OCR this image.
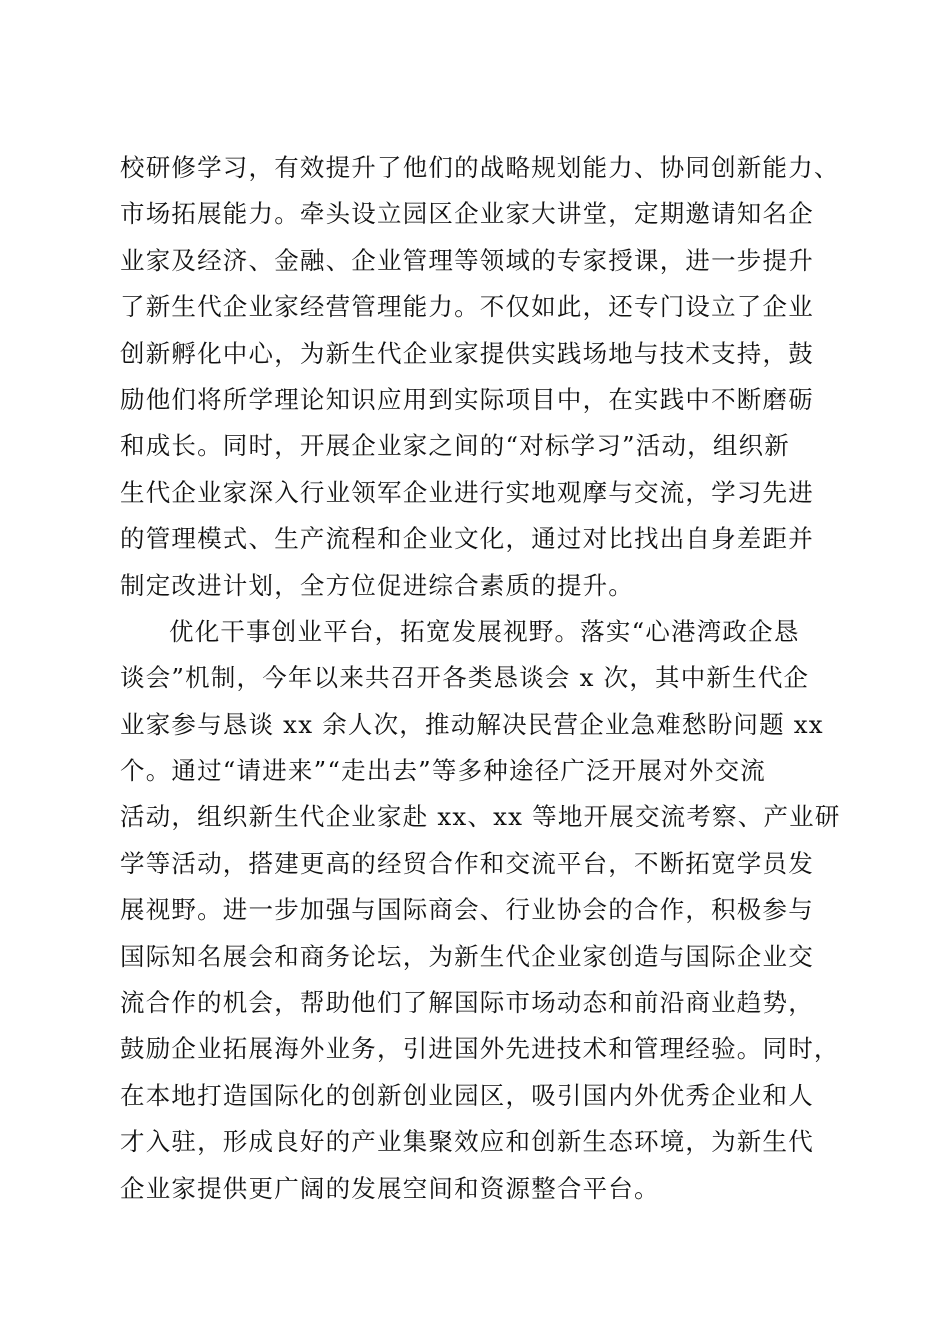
校研修学习，有效提升了他们的战略规划能力、协同创新能力、
市场拓展能力。牵头设立园区企业家大讲堂，定期邀请知名企
业家及经济、金融、企业管理等领域的专家授课，进一步提升
了新生代企业家经营管理能力。不仅如此，还专门设立了企业
创新孵化中心，为新生代企业家提供实践场地与技术支持，鼓
励他们将所学理论知识应用到实际项目中，在实践中不断磨砺
和成长。同时，开展企业家之间的“对标学习”活动，组织新
生代企业家深入行业领军企业进行实地观摩与交流，学习先进
的管理模式、生产流程和企业文化，通过对比找出自身差距并
制定改进计划，全方位促进综合素质的提升。
优化干事创业平台，拓宽发展视野。落实“心港湾政企恳
谈会”机制，今年以来共召开各类恳谈会 x 次，其中新生代企
业家参与恳谈 xx 余人次，推动解决民营企业急难愁盼问题 xx
个。通过“请进来”“走出去”等多种途径广泛开展对外交流
活动，组织新生代企业家赴 xx、xx 等地开展交流考察、产业研
学等活动，搭建更高的经贸合作和交流平台，不断拓宽学员发
展视野。进一步加强与国际商会、行业协会的合作，积极参与
国际知名展会和商务论坛，为新生代企业家创造与国际企业交
流合作的机会，帮助他们了解国际市场动态和前沿商业趋势，
鼓励企业拓展海外业务，引进国外先进技术和管理经验。同时，
在本地打造国际化的创新创业园区，吸引国内外优秀企业和人
才入驻，形成良好的产业集聚效应和创新生态环境，为新生代
企业家提供更广阔的发展空间和资源整合平台。
